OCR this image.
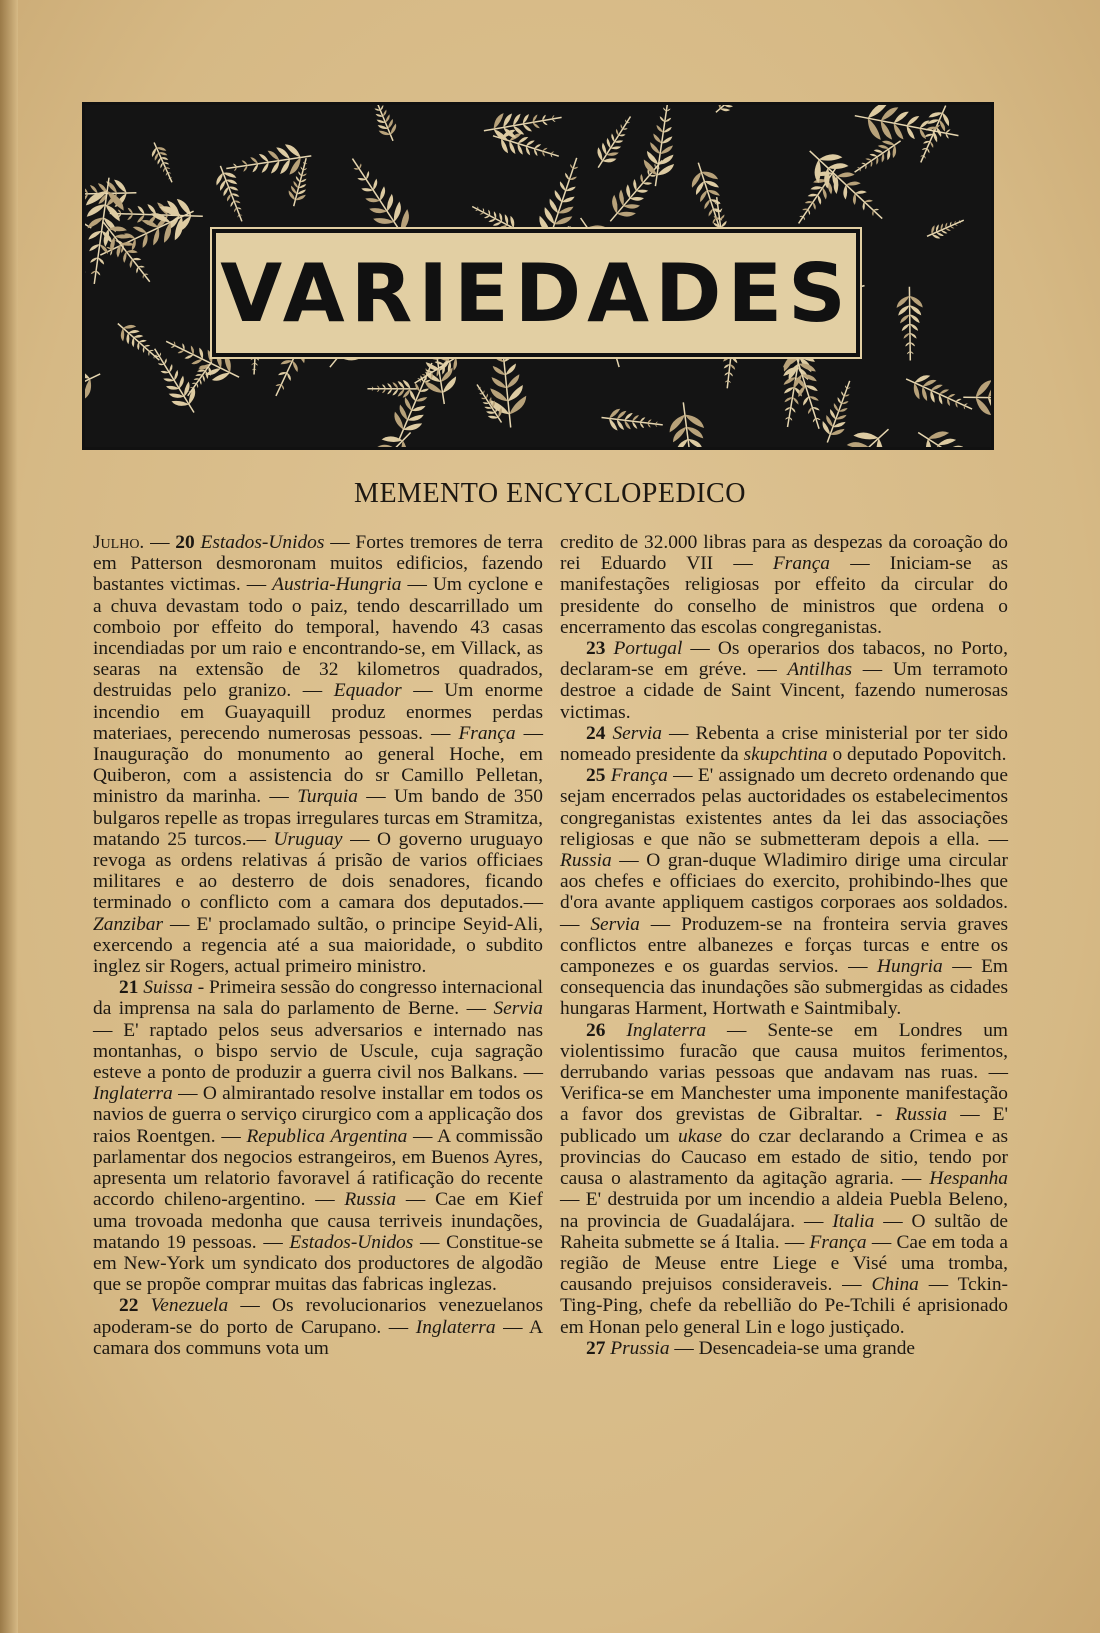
VARIEDADES
MEMENTO ENCYCLOPEDICO

Julho. — 20 Estados-Unidos — Fortes tremores de terra em Patterson desmoronam muitos edificios, fazendo bastantes victimas. — Austria-Hungria — Um cyclone e a chuva devastam todo o paiz, tendo descarrillado um comboio por effeito do temporal, havendo 43 casas incendiadas por um raio e encontrando-se, em Villack, as searas na extensão de 32 kilometros quadrados, destruidas pelo granizo. — Equador — Um enorme incendio em Guayaquill produz enormes perdas materiaes, perecendo numerosas pessoas. — França — Inauguração do monumento ao general Hoche, em Quiberon, com a assistencia do sr Camillo Pelletan, ministro da marinha. — Turquia — Um bando de 350 bulgaros repelle as tropas irregulares turcas em Stramitza, matando 25 turcos.— Uruguay — O governo uruguayo revoga as ordens relativas á prisão de varios officiaes militares e ao desterro de dois senadores, ficando terminado o conflicto com a camara dos deputados.— Zanzibar — E' proclamado sultão, o principe Seyid-Ali, exercendo a regencia até a sua maioridade, o subdito inglez sir Rogers, actual primeiro ministro.

21 Suissa - Primeira sessão do congresso internacional da imprensa na sala do parlamento de Berne. — Servia — E' raptado pelos seus adversarios e internado nas montanhas, o bispo servio de Uscule, cuja sagração esteve a ponto de produzir a guerra civil nos Balkans. — Inglaterra — O almirantado resolve installar em todos os navios de guerra o serviço cirurgico com a applicação dos raios Roentgen. — Republica Argentina — A commissão parlamentar dos negocios estrangeiros, em Buenos Ayres, apresenta um relatorio favoravel á ratificação do recente accordo chileno-argentino. — Russia — Cae em Kief uma trovoada medonha que causa terriveis inundações, matando 19 pessoas. — Estados-Unidos — Constitue-se em New-York um syndicato dos productores de algodão que se propõe comprar muitas das fabricas inglezas.

22 Venezuela — Os revolucionarios venezuelanos apoderam-se do porto de Carupano. — Inglaterra — A camara dos communs vota um

credito de 32.000 libras para as despezas da coroação do rei Eduardo VII — França — Iniciam-se as manifestações religiosas por effeito da circular do presidente do conselho de ministros que ordena o encerramento das escolas congreganistas.

23 Portugal — Os operarios dos tabacos, no Porto, declaram-se em gréve. — Antilhas — Um terramoto destroe a cidade de Saint Vincent, fazendo numerosas victimas.

24 Servia — Rebenta a crise ministerial por ter sido nomeado presidente da skupchtina o deputado Popovitch.

25 França — E' assignado um decreto ordenando que sejam encerrados pelas auctoridades os estabelecimentos congreganistas existentes antes da lei das associações religiosas e que não se submetteram depois a ella. — Russia — O gran-duque Wladimiro dirige uma circular aos chefes e officiaes do exercito, prohibindo-lhes que d'ora avante appliquem castigos corporaes aos soldados. — Servia — Produzem-se na fronteira servia graves conflictos entre albanezes e forças turcas e entre os camponezes e os guardas servios. — Hungria — Em consequencia das inundações são submergidas as cidades hungaras Harment, Hortwath e Saintmibaly.

26 Inglaterra — Sente-se em Londres um violentissimo furacão que causa muitos ferimentos, derrubando varias pessoas que andavam nas ruas. — Verifica-se em Manchester uma imponente manifestação a favor dos grevistas de Gibraltar. - Russia — E' publicado um ukase do czar declarando a Crimea e as provincias do Caucaso em estado de sitio, tendo por causa o alastramento da agitação agraria. — Hespanha — E' destruida por um incendio a aldeia Puebla Beleno, na provincia de Guadalájara. — Italia — O sultão de Raheita submette se á Italia. — França — Cae em toda a região de Meuse entre Liege e Visé uma tromba, causando prejuisos consideraveis. — China — Tckin-Ting-Ping, chefe da rebellião do Pe-Tchili é aprisionado em Honan pelo general Lin e logo justiçado.

27 Prussia — Desencadeia-se uma grande
